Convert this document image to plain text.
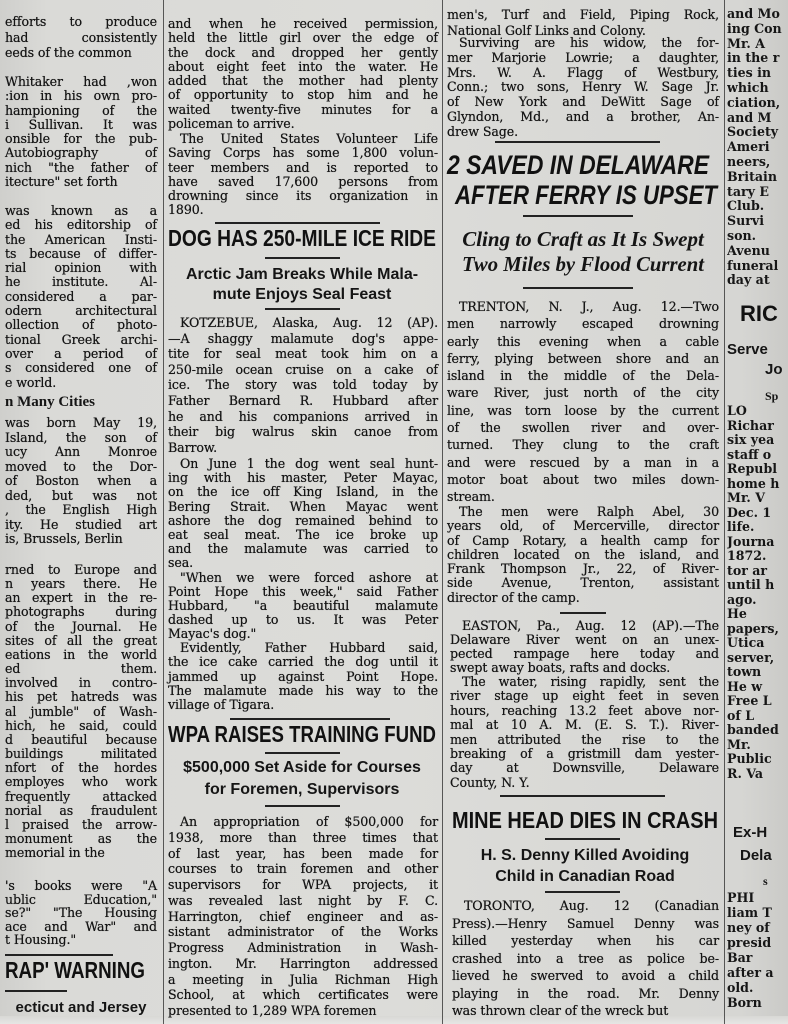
efforts to produce
had consistently
eeds of the common
Whitaker had ,won
:ion in his own pro-
hampioning of the
i Sullivan. It was
onsible for the pub-
Autobiography of
nich "the father of
itecture" set forth
was known as a
ed his editorship of
the American Insti-
ts because of differ-
rial opinion with
he institute. Al-
considered a par-
odern architectural
ollection of photo-
tional Greek archi-
over a period of
s considered one of
e world.
n Many Cities
was born May 19,
Island, the son of
ucy Ann Monroe
moved to the Dor-
of Boston when a
ded, but was not
, the English High
ity. He studied art
is, Brussels, Berlin
rned to Europe and
n years there. He
an expert in the re-
photographs during
of the Journal. He
sites of all the great
eations in the world
ed them.
involved in contro-
his pet hatreds was
al jumble" of Wash-
hich, he said, could
d beautiful because
buildings militated
nfort of the hordes
employes who work
frequently attacked
norial as fraudulent
l praised the arrow-
monument as the
memorial in the
's books were "A
ublic Education,"
se?" "The Housing
ace and War" and
t Housing."
RAP' WARNING
ecticut and Jersey
and when he received permission,
held the little girl over the edge of
the dock and dropped her gently
about eight feet into the water. He
added that the mother had plenty
of opportunity to stop him and he
waited twenty-five minutes for a
policeman to arrive.
The United States Volunteer Life
Saving Corps has some 1,800 volun-
teer members and is reported to
have saved 17,600 persons from
drowning since its organization in
1890.
DOG HAS 250-MILE ICE RIDE
Arctic Jam Breaks While Mala-
mute Enjoys Seal Feast
KOTZEBUE, Alaska, Aug. 12 (AP).
—A shaggy malamute dog's appe-
tite for seal meat took him on a
250-mile ocean cruise on a cake of
ice. The story was told today by
Father Bernard R. Hubbard after
he and his companions arrived in
their big walrus skin canoe from
Barrow.
On June 1 the dog went seal hunt-
ing with his master, Peter Mayac,
on the ice off King Island, in the
Bering Strait. When Mayac went
ashore the dog remained behind to
eat seal meat. The ice broke up
and the malamute was carried to
sea.
"When we were forced ashore at
Point Hope this week," said Father
Hubbard, "a beautiful malamute
dashed up to us. It was Peter
Mayac's dog."
Evidently, Father Hubbard said,
the ice cake carried the dog until it
jammed up against Point Hope.
The malamute made his way to the
village of Tigara.
WPA RAISES TRAINING FUND
$500,000 Set Aside for Courses
for Foremen, Supervisors
An appropriation of $500,000 for
1938, more than three times that
of last year, has been made for
courses to train foremen and other
supervisors for WPA projects, it
was revealed last night by F. C.
Harrington, chief engineer and as-
sistant administrator of the Works
Progress Administration in Wash-
ington. Mr. Harrington addressed
a meeting in Julia Richman High
School, at which certificates were
presented to 1,289 WPA foremen
men's, Turf and Field, Piping Rock,
National Golf Links and Colony.
Surviving are his widow, the for-
mer Marjorie Lowrie; a daughter,
Mrs. W. A. Flagg of Westbury,
Conn.; two sons, Henry W. Sage Jr.
of New York and DeWitt Sage of
Glyndon, Md., and a brother, An-
drew Sage.
2 SAVED IN DELAWARE
AFTER FERRY IS UPSET
Cling to Craft as It Is Swept
Two Miles by Flood Current
TRENTON, N. J., Aug. 12.—Two
men narrowly escaped drowning
early this evening when a cable
ferry, plying between shore and an
island in the middle of the Dela-
ware River, just north of the city
line, was torn loose by the current
of the swollen river and over-
turned. They clung to the craft
and were rescued by a man in a
motor boat about two miles down-
stream.
The men were Ralph Abel, 30
years old, of Mercerville, director
of Camp Rotary, a health camp for
children located on the island, and
Frank Thompson Jr., 22, of River-
side Avenue, Trenton, assistant
director of the camp.
EASTON, Pa., Aug. 12 (AP).—The
Delaware River went on an unex-
pected rampage here today and
swept away boats, rafts and docks.
The water, rising rapidly, sent the
river stage up eight feet in seven
hours, reaching 13.2 feet above nor-
mal at 10 A. M. (E. S. T.). River-
men attributed the rise to the
breaking of a gristmill dam yester-
day at Downsville, Delaware
County, N. Y.
MINE HEAD DIES IN CRASH
H. S. Denny Killed Avoiding
Child in Canadian Road
TORONTO, Aug. 12 (Canadian
Press).—Henry Samuel Denny was
killed yesterday when his car
crashed into a tree as police be-
lieved he swerved to avoid a child
playing in the road. Mr. Denny
was thrown clear of the wreck but
and Mo
ing Con
Mr. A
in the r
ties in
which
ciation,
and M
Society
Ameri
neers,
Britain
tary E
Club.
Survi
son.
Avenu
funeral
day at
RIC
Serve
Jo
Sp
LO
Richar
six yea
staff o
Republ
home h
Mr. V
Dec. 1
life.
Journa
1872.
tor ar
until h
ago.
He
papers,
Utica
server,
town
He w
Free L
of L
banded
Mr.
Public
R. Va
Ex-H
Dela
s
PHI
liam T
ney of
presid
Bar
after a
old.
Born
